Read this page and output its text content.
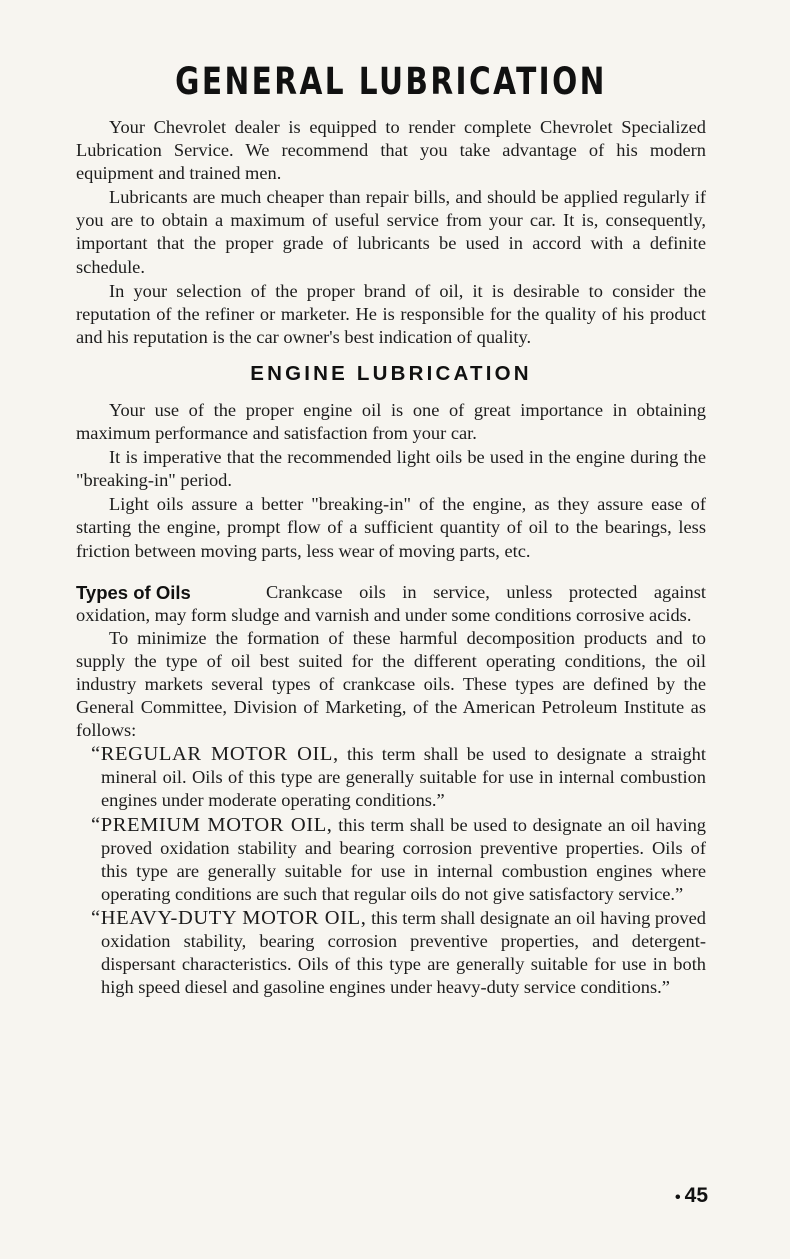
GENERAL LUBRICATION

Your Chevrolet dealer is equipped to render complete Chevrolet Specialized Lubrication Service. We recommend that you take advantage of his modern equipment and trained men.

Lubricants are much cheaper than repair bills, and should be applied regularly if you are to obtain a maximum of useful service from your car. It is, consequently, important that the proper grade of lubricants be used in accord with a definite schedule.

In your selection of the proper brand of oil, it is desirable to consider the reputation of the refiner or marketer. He is responsible for the quality of his product and his reputation is the car owner's best indication of quality.

ENGINE LUBRICATION

Your use of the proper engine oil is one of great importance in obtaining maximum performance and satisfaction from your car.

It is imperative that the recommended light oils be used in the engine during the "breaking-in" period.

Light oils assure a better "breaking-in" of the engine, as they assure ease of starting the engine, prompt flow of a sufficient quantity of oil to the bearings, less friction between moving parts, less wear of moving parts, etc.

Types of Oils	Crankcase oils in service, unless protected against oxidation, may form sludge and varnish and under some conditions corrosive acids.

To minimize the formation of these harmful decomposition products and to supply the type of oil best suited for the different operating conditions, the oil industry markets several types of crankcase oils. These types are defined by the General Committee, Division of Marketing, of the American Petroleum Institute as follows:

“REGULAR MOTOR OIL, this term shall be used to designate a straight mineral oil. Oils of this type are generally suitable for use in internal combustion engines under moderate operating conditions.”

“PREMIUM MOTOR OIL, this term shall be used to designate an oil having proved oxidation stability and bearing corrosion preventive properties. Oils of this type are generally suitable for use in internal combustion engines where operating conditions are such that regular oils do not give satisfactory service.”

“HEAVY-DUTY MOTOR OIL, this term shall designate an oil having proved oxidation stability, bearing corrosion preventive properties, and detergent-dispersant characteristics. Oils of this type are generally suitable for use in both high speed diesel and gasoline engines under heavy-duty service conditions.”

• 45
